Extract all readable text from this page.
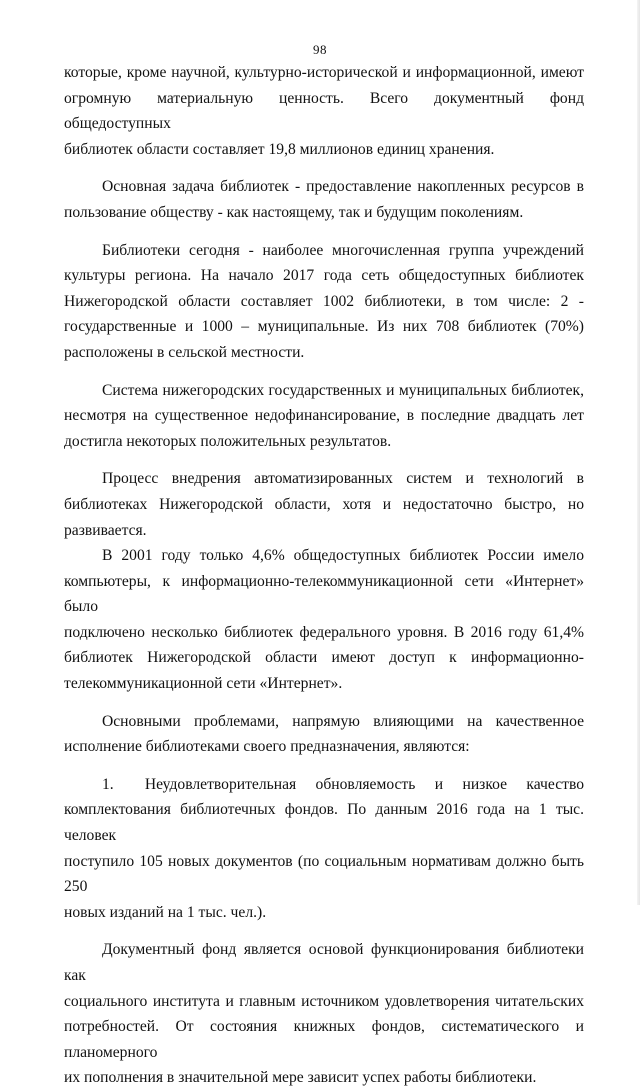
98

которые, кроме научной, культурно-исторической и информационной, имеют
огромную материальную ценность. Всего документный фонд общедоступных
библиотек области составляет 19,8 миллионов единиц хранения.

Основная задача библиотек - предоставление накопленных ресурсов в
пользование обществу - как настоящему, так и будущим поколениям.

Библиотеки сегодня - наиболее многочисленная группа учреждений
культуры региона. На начало 2017 года сеть общедоступных библиотек
Нижегородской области составляет 1002 библиотеки, в том числе: 2 -
государственные и 1000 – муниципальные. Из них 708 библиотек (70%)
расположены в сельской местности.

Система нижегородских государственных и муниципальных библиотек,
несмотря на существенное недофинансирование, в последние двадцать лет
достигла некоторых положительных результатов.

Процесс внедрения автоматизированных систем и технологий в
библиотеках Нижегородской области, хотя и недостаточно быстро, но
развивается.

В 2001 году только 4,6% общедоступных библиотек России имело
компьютеры, к информационно-телекоммуникационной сети «Интернет» было
подключено несколько библиотек федерального уровня. В 2016 году 61,4%
библиотек Нижегородской области имеют доступ к информационно-
телекоммуникационной сети «Интернет».

Основными проблемами, напрямую влияющими на качественное
исполнение библиотеками своего предназначения, являются:

1.  Неудовлетворительная обновляемость и низкое качество
комплектования библиотечных фондов. По данным 2016 года на 1 тыс. человек
поступило 105 новых документов (по социальным нормативам должно быть 250
новых изданий на 1 тыс. чел.).

Документный фонд является основой функционирования библиотеки как
социального института и главным источником удовлетворения читательских
потребностей. От состояния книжных фондов, систематического и планомерного
их пополнения в значительной мере зависит успех работы библиотеки.
